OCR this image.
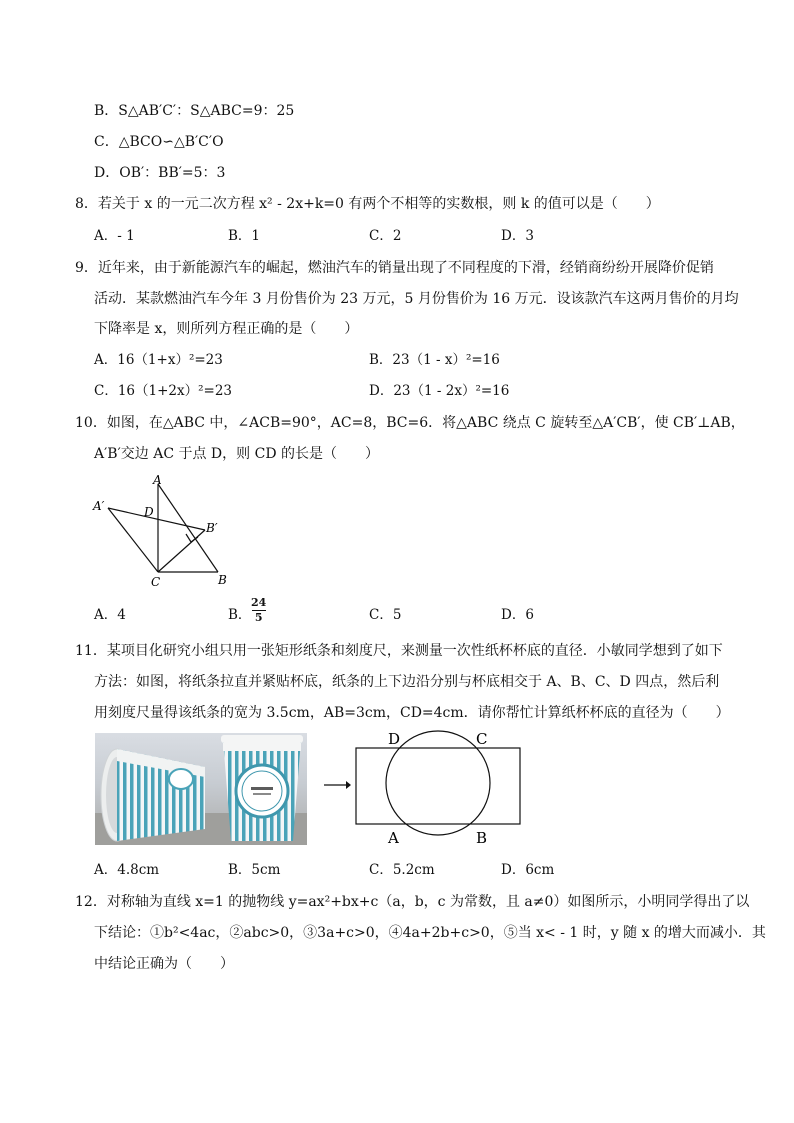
B．S△AB′C′：S△ABC=9：25
C．△BCO∽△B′C′O
D．OB′：BB′=5：3
8．若关于 x 的一元二次方程 x² - 2x+k=0 有两个不相等的实数根，则 k 的值可以是（　　）
A．- 1	B．1	C．2	D．3
9．近年来，由于新能源汽车的崛起，燃油汽车的销量出现了不同程度的下滑，经销商纷纷开展降价促销
活动．某款燃油汽车今年 3 月份售价为 23 万元，5 月份售价为 16 万元．设该款汽车这两月售价的月均
下降率是 x，则所列方程正确的是（　　）
A．16（1+x）²=23	B．23（1 - x）²=16
C．16（1+2x）²=23	D．23（1 - 2x）²=16
10．如图，在△ABC 中，∠ACB=90°，AC=8，BC=6．将△ABC 绕点 C 旋转至△A′CB′，使 CB′⊥AB，
A′B′交边 AC 于点 D，则 CD 的长是（　　）
A
A′	D
B′
C	B
A．4	B．
24
5	C．5	D．6
11．某项目化研究小组只用一张矩形纸条和刻度尺，来测量一次性纸杯杯底的直径．小敏同学想到了如下
方法：如图，将纸条拉直并紧贴杯底，纸条的上下边沿分别与杯底相交于 A、B、C、D 四点，然后利
用刻度尺量得该纸条的宽为 3.5cm，AB=3cm，CD=4cm．请你帮忙计算纸杯杯底的直径为（　　）
D	C
A	B
A．4.8cm	B．5cm	C．5.2cm	D．6cm
12．对称轴为直线 x=1 的抛物线 y=ax²+bx+c（a，b，c 为常数，且 a≠0）如图所示，小明同学得出了以
下结论：①b²<4ac，②abc>0，③3a+c>0，④4a+2b+c>0，⑤当 x< - 1 时，y 随 x 的增大而减小．其
中结论正确为（　　）
